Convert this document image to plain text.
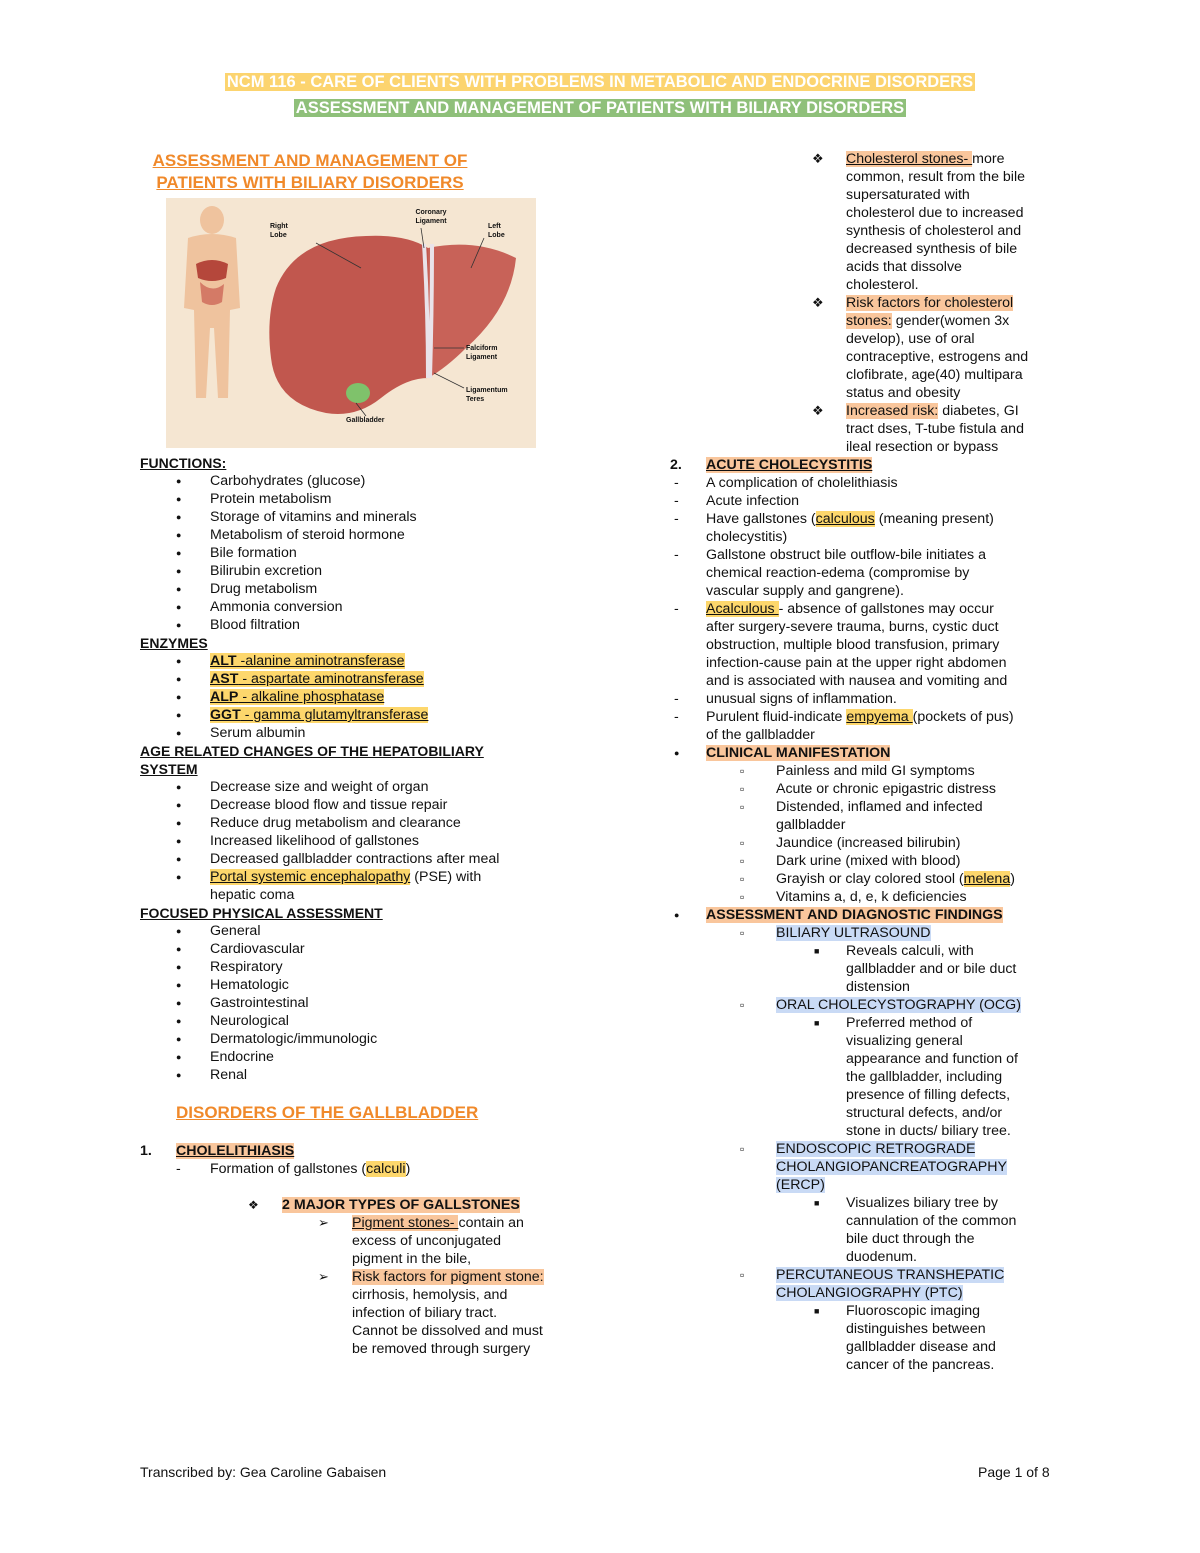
NCM 116 - CARE OF CLIENTS WITH PROBLEMS IN METABOLIC AND ENDOCRINE DISORDERS
ASSESSMENT AND MANAGEMENT OF PATIENTS WITH BILIARY DISORDERS
ASSESSMENT AND MANAGEMENT OF
PATIENTS WITH BILIARY DISORDERS
Right Lobe
Coronary Ligament
Left Lobe
Falciform Ligament
Ligamentum Teres
Gallbladder
FUNCTIONS:
● Carbohydrates (glucose)
● Protein metabolism
● Storage of vitamins and minerals
● Metabolism of steroid hormone
● Bile formation
● Bilirubin excretion
● Drug metabolism
● Ammonia conversion
● Blood filtration
ENZYMES
● ALT -alanine aminotransferase
● AST - aspartate aminotransferase
● ALP - alkaline phosphatase
● GGT - gamma glutamyltransferase
● Serum albumin
AGE RELATED CHANGES OF THE HEPATOBILIARY
SYSTEM
● Decrease size and weight of organ
● Decrease blood flow and tissue repair
● Reduce drug metabolism and clearance
● Increased likelihood of gallstones
● Decreased gallbladder contractions after meal
● Portal systemic encephalopathy (PSE) with
hepatic coma
FOCUSED PHYSICAL ASSESSMENT
● General
● Cardiovascular
● Respiratory
● Hematologic
● Gastrointestinal
● Neurological
● Dermatologic/immunologic
● Endocrine
● Renal
DISORDERS OF THE GALLBLADDER
1. CHOLELITHIASIS
- Formation of gallstones (calculi)
❖ 2 MAJOR TYPES OF GALLSTONES
➢ Pigment stones- contain an
excess of unconjugated
pigment in the bile,
➢ Risk factors for pigment stone:
cirrhosis, hemolysis, and
infection of biliary tract.
Cannot be dissolved and must
be removed through surgery
❖ Cholesterol stones- more
common, result from the bile
supersaturated with
cholesterol due to increased
synthesis of cholesterol and
decreased synthesis of bile
acids that dissolve
cholesterol.
❖ Risk factors for cholesterol
stones: gender(women 3x
develop), use of oral
contraceptive, estrogens and
clofibrate, age(40) multipara
status and obesity
❖ Increased risk: diabetes, GI
tract dses, T-tube fistula and
ileal resection or bypass
2. ACUTE CHOLECYSTITIS
- A complication of cholelithiasis
- Acute infection
- Have gallstones (calculous (meaning present)
cholecystitis)
- Gallstone obstruct bile outflow-bile initiates a
chemical reaction-edema (compromise by
vascular supply and gangrene).
- Acalculous - absence of gallstones may occur
after surgery-severe trauma, burns, cystic duct
obstruction, multiple blood transfusion, primary
infection-cause pain at the upper right abdomen
and is associated with nausea and vomiting and
- unusual signs of inflammation.
- Purulent fluid-indicate empyema (pockets of pus)
of the gallbladder
● CLINICAL MANIFESTATION
▫ Painless and mild GI symptoms
▫ Acute or chronic epigastric distress
▫ Distended, inflamed and infected
gallbladder
▫ Jaundice (increased bilirubin)
▫ Dark urine (mixed with blood)
▫ Grayish or clay colored stool (melena)
▫ Vitamins a, d, e, k deficiencies
● ASSESSMENT AND DIAGNOSTIC FINDINGS
▫ BILIARY ULTRASOUND
■ Reveals calculi, with
gallbladder and or bile duct
distension
▫ ORAL CHOLECYSTOGRAPHY (OCG)
■ Preferred method of
visualizing general
appearance and function of
the gallbladder, including
presence of filling defects,
structural defects, and/or
stone in ducts/ biliary tree.
▫ ENDOSCOPIC RETROGRADE
CHOLANGIOPANCREATOGRAPHY
(ERCP)
■ Visualizes biliary tree by
cannulation of the common
bile duct through the
duodenum.
▫ PERCUTANEOUS TRANSHEPATIC
CHOLANGIOGRAPHY (PTC)
■ Fluoroscopic imaging
distinguishes between
gallbladder disease and
cancer of the pancreas.
Transcribed by: Gea Caroline Gabaisen	Page 1 of 8
